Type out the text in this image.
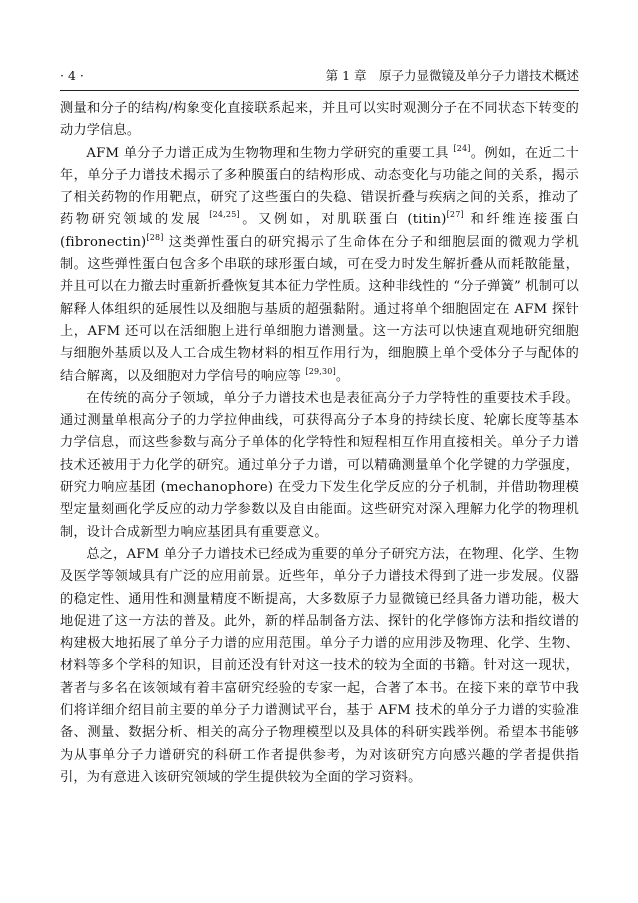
· 4 ·	第 1 章　原子力显微镜及单分子力谱技术概述

测量和分子的结构/构象变化直接联系起来，并且可以实时观测分子在不同状态下转变的动力学信息。

AFM 单分子力谱正成为生物物理和生物力学研究的重要工具 [24]。例如，在近二十年，单分子力谱技术揭示了多种膜蛋白的结构形成、动态变化与功能之间的关系，揭示了相关药物的作用靶点，研究了这些蛋白的失稳、错误折叠与疾病之间的关系，推动了药物研究领域的发展 [24,25]。又例如，对肌联蛋白 (titin)[27] 和纤维连接蛋白 (fibronectin)[28] 这类弹性蛋白的研究揭示了生命体在分子和细胞层面的微观力学机制。这些弹性蛋白包含多个串联的球形蛋白域，可在受力时发生解折叠从而耗散能量，并且可以在力撤去时重新折叠恢复其本征力学性质。这种非线性的 “分子弹簧” 机制可以解释人体组织的延展性以及细胞与基质的超强黏附。通过将单个细胞固定在 AFM 探针上，AFM 还可以在活细胞上进行单细胞力谱测量。这一方法可以快速直观地研究细胞与细胞外基质以及人工合成生物材料的相互作用行为，细胞膜上单个受体分子与配体的结合解离，以及细胞对力学信号的响应等 [29,30]。

在传统的高分子领域，单分子力谱技术也是表征高分子力学特性的重要技术手段。通过测量单根高分子的力学拉伸曲线，可获得高分子本身的持续长度、轮廓长度等基本力学信息，而这些参数与高分子单体的化学特性和短程相互作用直接相关。单分子力谱技术还被用于力化学的研究。通过单分子力谱，可以精确测量单个化学键的力学强度，研究力响应基团 (mechanophore) 在受力下发生化学反应的分子机制，并借助物理模型定量刻画化学反应的动力学参数以及自由能面。这些研究对深入理解力化学的物理机制，设计合成新型力响应基团具有重要意义。

总之，AFM 单分子力谱技术已经成为重要的单分子研究方法，在物理、化学、生物及医学等领域具有广泛的应用前景。近些年，单分子力谱技术得到了进一步发展。仪器的稳定性、通用性和测量精度不断提高，大多数原子力显微镜已经具备力谱功能，极大地促进了这一方法的普及。此外，新的样品制备方法、探针的化学修饰方法和指纹谱的构建极大地拓展了单分子力谱的应用范围。单分子力谱的应用涉及物理、化学、生物、材料等多个学科的知识，目前还没有针对这一技术的较为全面的书籍。针对这一现状，著者与多名在该领域有着丰富研究经验的专家一起，合著了本书。在接下来的章节中我们将详细介绍目前主要的单分子力谱测试平台，基于 AFM 技术的单分子力谱的实验准备、测量、数据分析、相关的高分子物理模型以及具体的科研实践举例。希望本书能够为从事单分子力谱研究的科研工作者提供参考，为对该研究方向感兴趣的学者提供指引，为有意进入该研究领域的学生提供较为全面的学习资料。
